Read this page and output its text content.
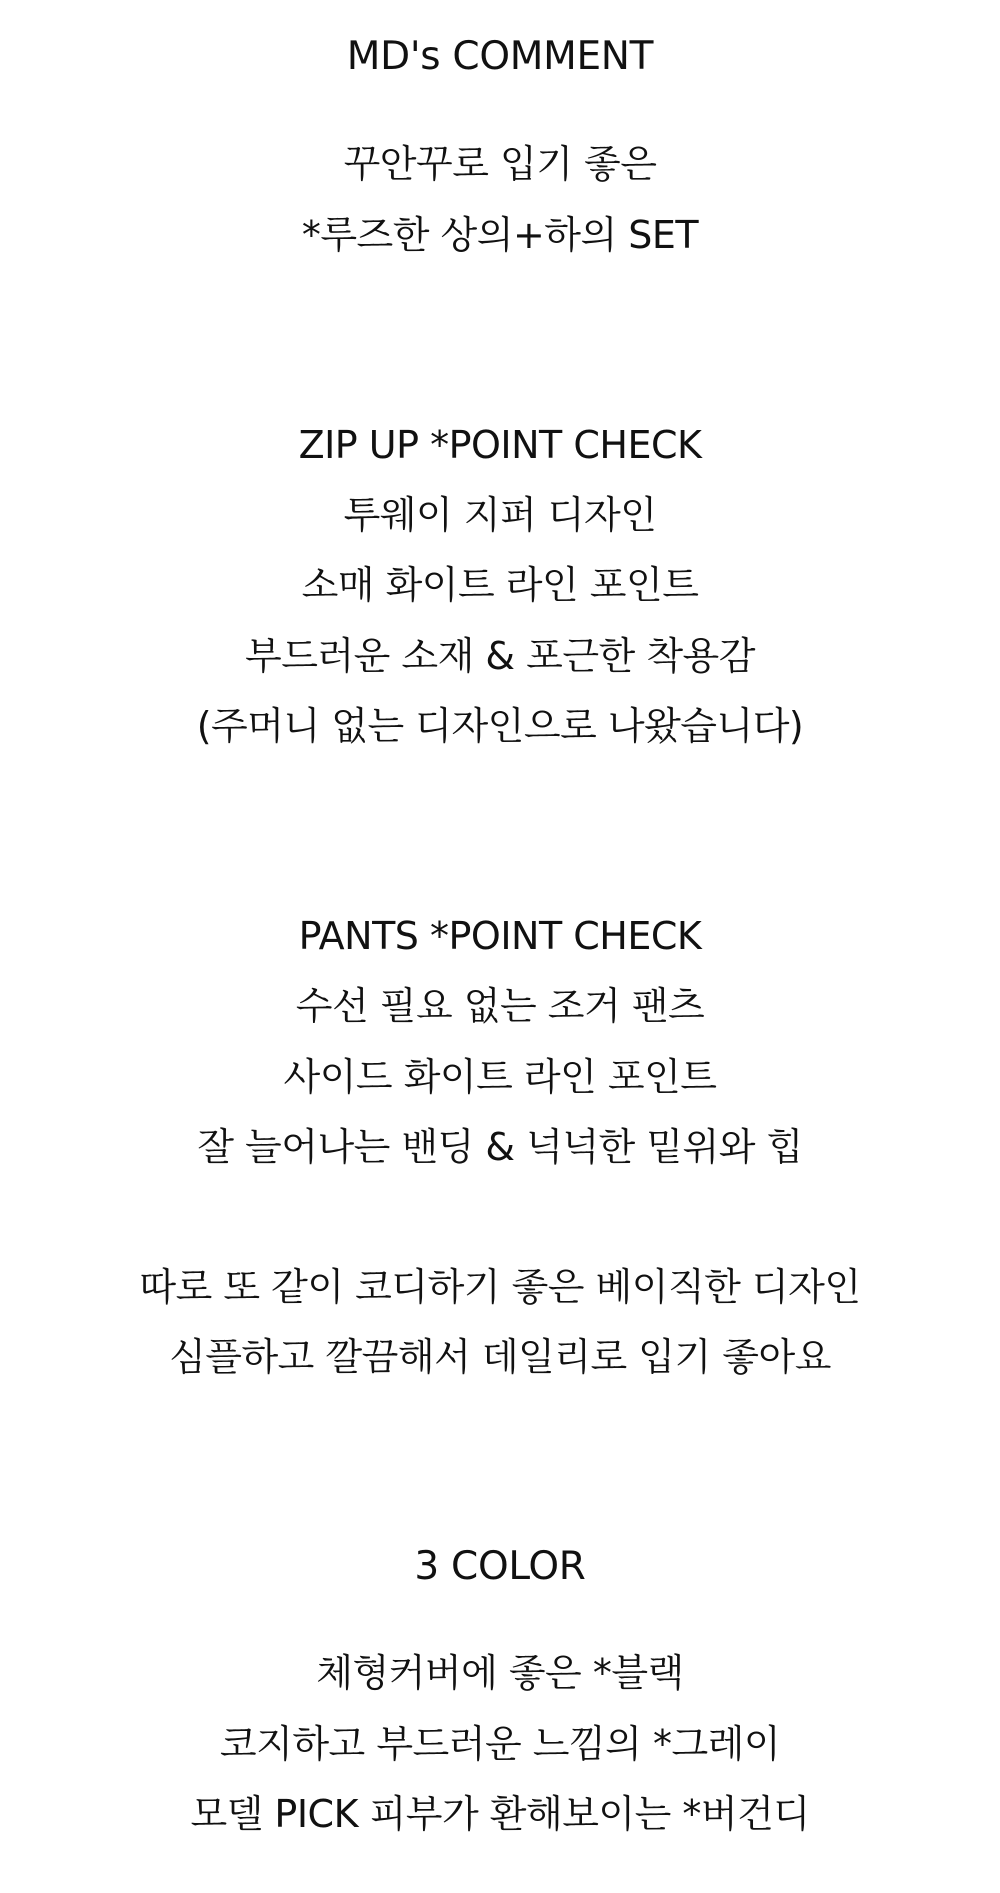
MD's COMMENT
꾸안꾸로 입기 좋은
*루즈한 상의+하의 SET
ZIP UP *POINT CHECK
투웨이 지퍼 디자인
소매 화이트 라인 포인트
부드러운 소재 & 포근한 착용감
(주머니 없는 디자인으로 나왔습니다)
PANTS *POINT CHECK
수선 필요 없는 조거 팬츠
사이드 화이트 라인 포인트
잘 늘어나는 밴딩 & 넉넉한 밑위와 힙
따로 또 같이 코디하기 좋은 베이직한 디자인
심플하고 깔끔해서 데일리로 입기 좋아요
3 COLOR
체형커버에 좋은 *블랙
코지하고 부드러운 느낌의 *그레이
모델 PICK 피부가 환해보이는 *버건디
